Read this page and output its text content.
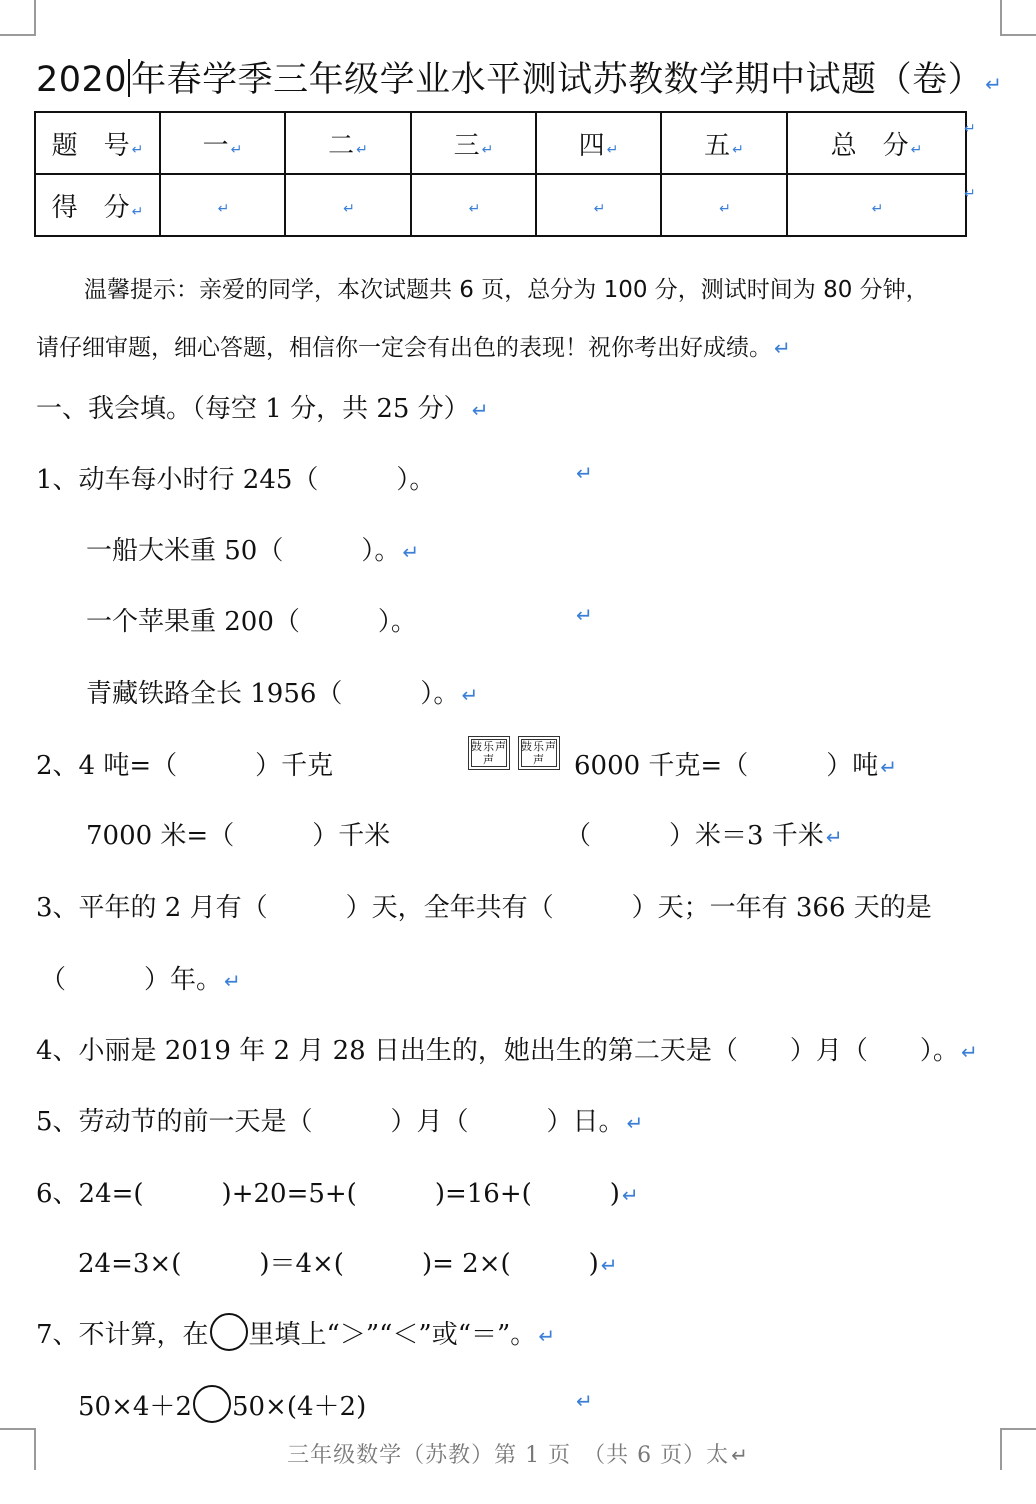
2020 年春学季三年级学业水平测试苏教数学期中试题（卷） ↵
题　号 ↵	一 ↵	二 ↵	三 ↵	四 ↵	五 ↵	总　分 ↵
得　分 ↵	↵	↵	↵	↵	↵	↵
↵
↵
温馨提示：亲爱的同学，本次试题共 6 页，总分为 100 分，测试时间为 80 分钟，
请仔细审题，细心答题，相信你一定会有出色的表现！祝你考出好成绩。 ↵
一、我会填。（每空 1 分，共 25 分） ↵
1、动车每小时行 245（　　　）。	↵
一船大米重 50（　　　）。 ↵
一个苹果重 200（　　　）。	↵
青藏铁路全长 1956（　　　）。 ↵
2、4 吨=（　　　）千克
鼓乐声声
鼓乐声声	6000 千克=（　　　）吨 ↵
7000 米=（　　　）千米	（　　　）米＝3 千米 ↵
3、平年的 2 月有（　　　）天，全年共有（　　　）天；一年有 366 天的是
（　　　）年。 ↵
4、小丽是 2019 年 2 月 28 日出生的，她出生的第二天是（　　）月（　　）。 ↵
5、劳动节的前一天是（　　　）月（　　　）日。 ↵
6、24=(　　　)+20=5+(　　　)=16+(　　　) ↵
24=3×(　　　)＝4×(　　　)= 2×(　　　) ↵
7、不计算，在 里填上“＞”“＜”或“＝”。 ↵
50×4＋2 50×(4＋2)	↵
三年级数学（苏教）第 1 页　（共 6 页）太 ↵
